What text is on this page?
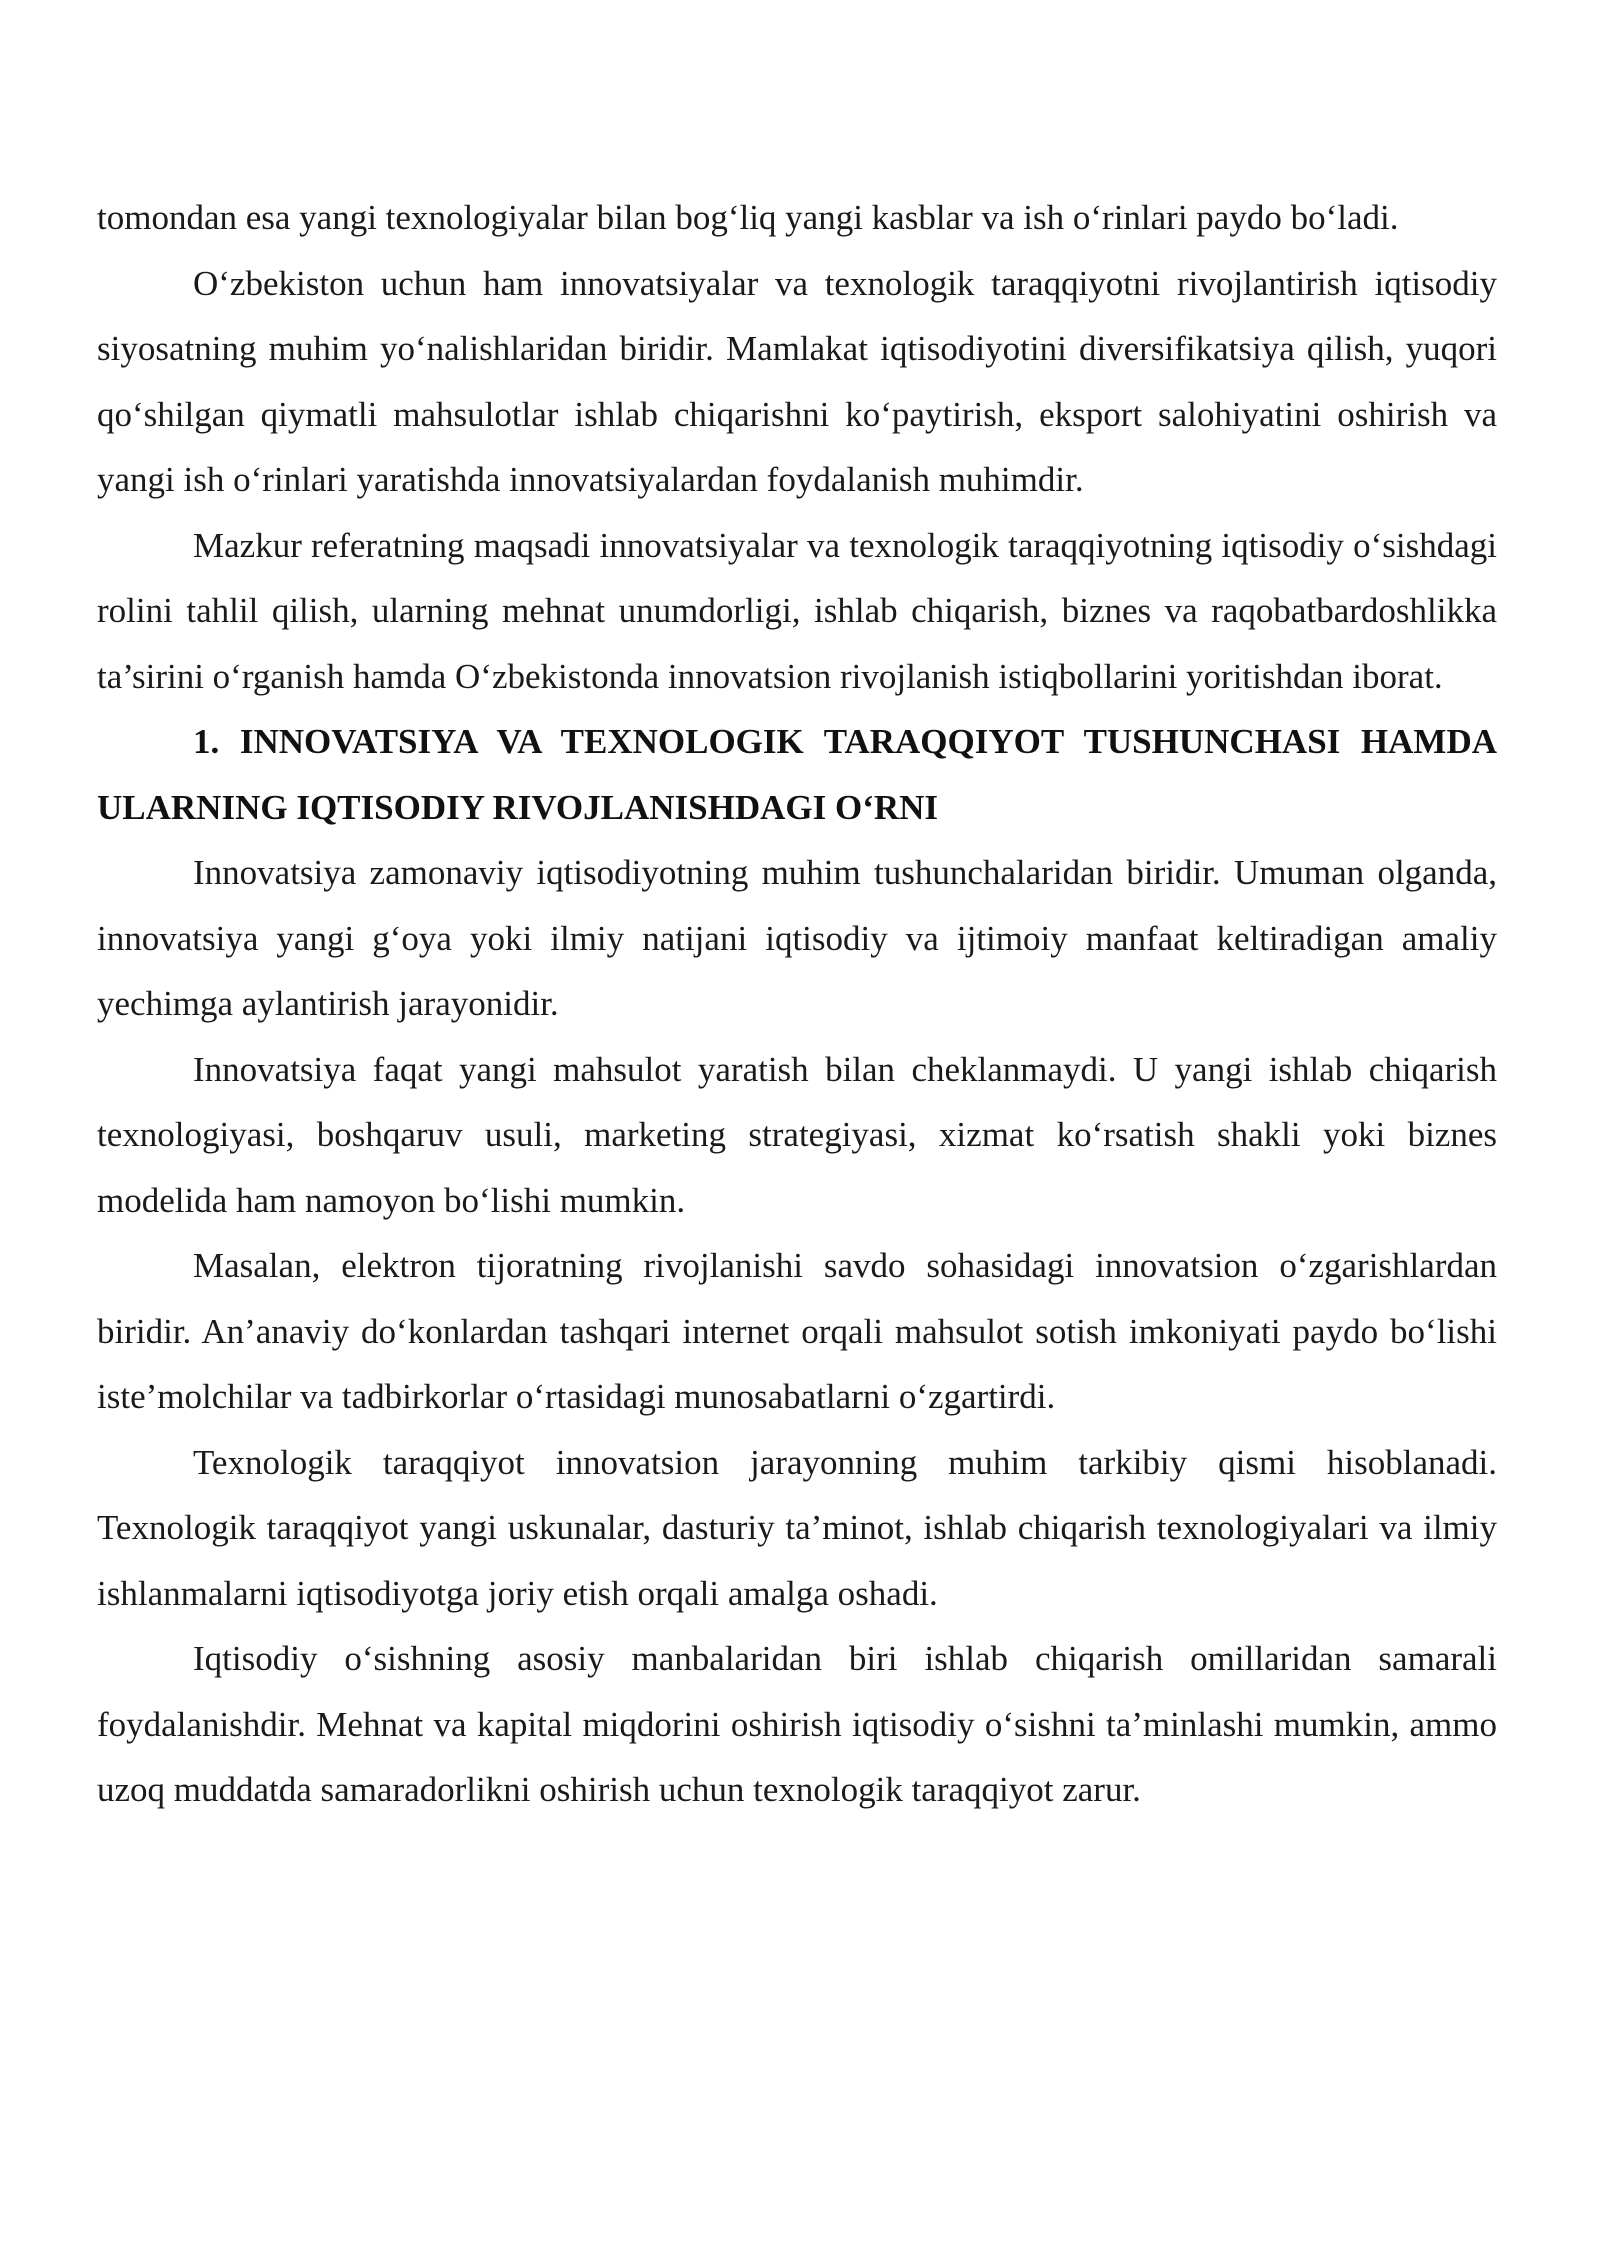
tomondan esa yangi texnologiyalar bilan bog‘liq yangi kasblar va ish o‘rinlari paydo bo‘ladi.

O‘zbekiston uchun ham innovatsiyalar va texnologik taraqqiyotni rivojlantirish iqtisodiy siyosatning muhim yo‘nalishlaridan biridir. Mamlakat iqtisodiyotini diversifikatsiya qilish, yuqori qo‘shilgan qiymatli mahsulotlar ishlab chiqarishni ko‘paytirish, eksport salohiyatini oshirish va yangi ish o‘rinlari yaratishda innovatsiyalardan foydalanish muhimdir.

Mazkur referatning maqsadi innovatsiyalar va texnologik taraqqiyotning iqtisodiy o‘sishdagi rolini tahlil qilish, ularning mehnat unumdorligi, ishlab chiqarish, biznes va raqobatbardoshlikka ta’sirini o‘rganish hamda O‘zbekistonda innovatsion rivojlanish istiqbollarini yoritishdan iborat.

1. INNOVATSIYA VA TEXNOLOGIK TARAQQIYOT TUSHUNCHASI HAMDA ULARNING IQTISODIY RIVOJLANISHDAGI O‘RNI

Innovatsiya zamonaviy iqtisodiyotning muhim tushunchalaridan biridir. Umuman olganda, innovatsiya yangi g‘oya yoki ilmiy natijani iqtisodiy va ijtimoiy manfaat keltiradigan amaliy yechimga aylantirish jarayonidir.

Innovatsiya faqat yangi mahsulot yaratish bilan cheklanmaydi. U yangi ishlab chiqarish texnologiyasi, boshqaruv usuli, marketing strategiyasi, xizmat ko‘rsatish shakli yoki biznes modelida ham namoyon bo‘lishi mumkin.

Masalan, elektron tijoratning rivojlanishi savdo sohasidagi innovatsion o‘zgarishlardan biridir. An’anaviy do‘konlardan tashqari internet orqali mahsulot sotish imkoniyati paydo bo‘lishi iste’molchilar va tadbirkorlar o‘rtasidagi munosabatlarni o‘zgartirdi.

Texnologik taraqqiyot innovatsion jarayonning muhim tarkibiy qismi hisoblanadi. Texnologik taraqqiyot yangi uskunalar, dasturiy ta’minot, ishlab chiqarish texnologiyalari va ilmiy ishlanmalarni iqtisodiyotga joriy etish orqali amalga oshadi.

Iqtisodiy o‘sishning asosiy manbalaridan biri ishlab chiqarish omillaridan samarali foydalanishdir. Mehnat va kapital miqdorini oshirish iqtisodiy o‘sishni ta’minlashi mumkin, ammo uzoq muddatda samaradorlikni oshirish uchun texnologik taraqqiyot zarur.
